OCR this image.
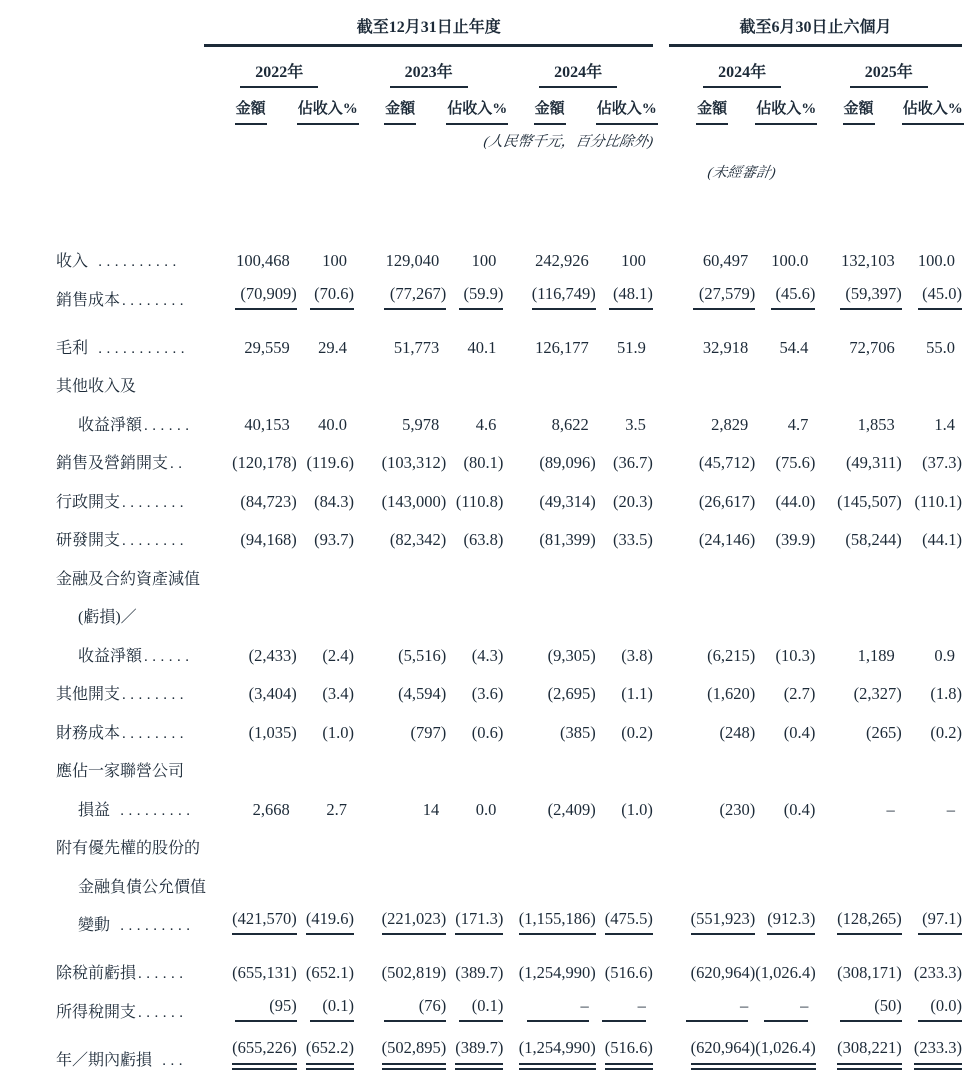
	截至12月31日止年度							截至6月30日止六個月			

	2022年		2023年		2024年			2024年		2025年	
	金額	佔收入%	金額	佔收入%	金額	佔收入%		金額	佔收入%	金額	佔收入%
	(人民幣千元，百分比除外)										
								(未經審計)			
收入 ..........	100,468	100	129,040	100	242,926	100		60,497	100.0	132,103	100.0
銷售成本 ........	(70,909)	(70.6)	(77,267)	(59.9)	(116,749)	(48.1)		(27,579)	(45.6)	(59,397)	(45.0)
毛利 ...........	29,559	29.4	51,773	40.1	126,177	51.9		32,918	54.4	72,706	55.0
其他收入及											
收益淨額 ......	40,153	40.0	5,978	4.6	8,622	3.5		2,829	4.7	1,853	1.4
銷售及營銷開支 ..	(120,178)	(119.6)	(103,312)	(80.1)	(89,096)	(36.7)		(45,712)	(75.6)	(49,311)	(37.3)
行政開支 ........	(84,723)	(84.3)	(143,000)	(110.8)	(49,314)	(20.3)		(26,617)	(44.0)	(145,507)	(110.1)
研發開支 ........	(94,168)	(93.7)	(82,342)	(63.8)	(81,399)	(33.5)		(24,146)	(39.9)	(58,244)	(44.1)
金融及合約資產減值											
(虧損)／											
收益淨額 ......	(2,433)	(2.4)	(5,516)	(4.3)	(9,305)	(3.8)		(6,215)	(10.3)	1,189	0.9
其他開支 ........	(3,404)	(3.4)	(4,594)	(3.6)	(2,695)	(1.1)		(1,620)	(2.7)	(2,327)	(1.8)
財務成本 ........	(1,035)	(1.0)	(797)	(0.6)	(385)	(0.2)		(248)	(0.4)	(265)	(0.2)
應佔一家聯營公司											
損益 .........	2,668	2.7	14	0.0	(2,409)	(1.0)		(230)	(0.4)	–	–
附有優先權的股份的											
金融負債公允價值											
變動 .........	(421,570)	(419.6)	(221,023)	(171.3)	(1,155,186)	(475.5)		(551,923)	(912.3)	(128,265)	(97.1)
除稅前虧損 ......	(655,131)	(652.1)	(502,819)	(389.7)	(1,254,990)	(516.6)		(620,964)	(1,026.4)	(308,171)	(233.3)
所得稅開支 ......	(95)	(0.1)	(76)	(0.1)	–	–		–	–	(50)	(0.0)
年／期內虧損 ...	(655,226)	(652.2)	(502,895)	(389.7)	(1,254,990)	(516.6)		(620,964)	(1,026.4)	(308,221)	(233.3)
